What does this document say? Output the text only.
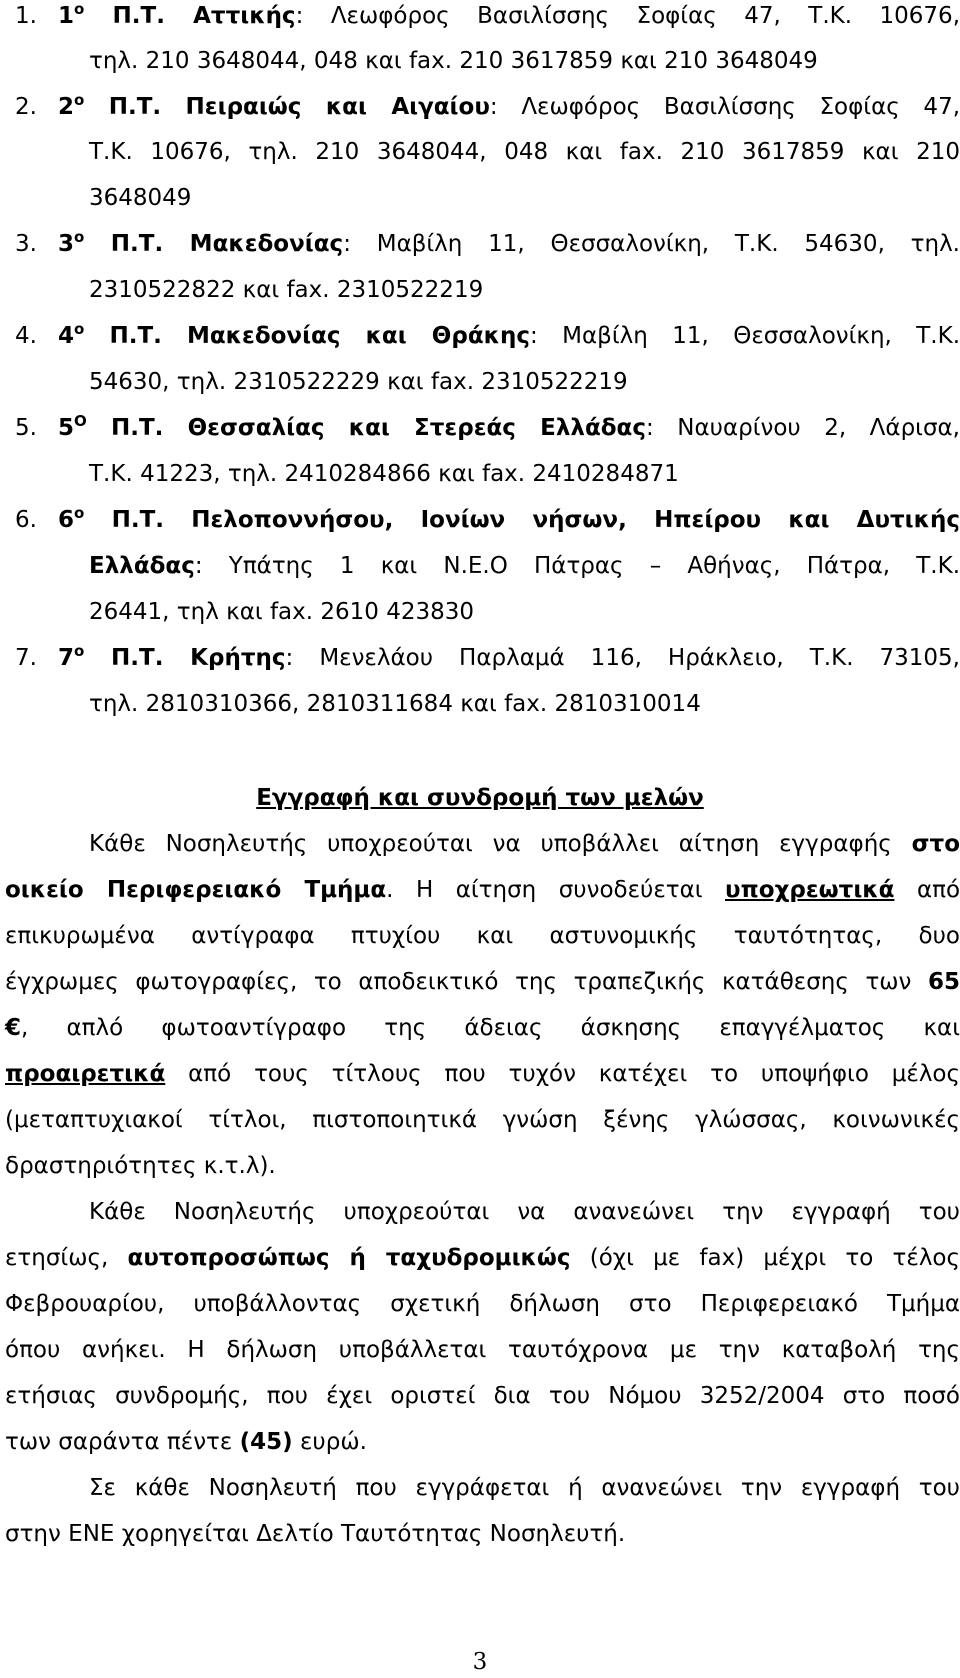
1. $1^o$ Π.Τ. Αττικής: Λεωφόρος Βασιλίσσης Σοφίας 47, Τ.Κ. 10676,
τηλ. 210 3648044, 048 και fax. 210 3617859 και 210 3648049
2. $2^o$ Π.Τ. Πειραιώς και Αιγαίου: Λεωφόρος Βασιλίσσης Σοφίας 47,
Τ.Κ. 10676, τηλ. 210 3648044, 048 και fax. 210 3617859 και 210
3648049
3. $3^o$ Π.Τ. Μακεδονίας: Μαβίλη 11, Θεσσαλονίκη, Τ.Κ. 54630, τηλ.
2310522822 και fax. 2310522219
4. $4^o$ Π.Τ. Μακεδονίας και Θράκης: Μαβίλη 11, Θεσσαλονίκη, Τ.Κ.
54630, τηλ. 2310522229 και fax. 2310522219
5. $5^O$ Π.Τ. Θεσσαλίας και Στερεάς Ελλάδας: Ναυαρίνου 2, Λάρισα,
Τ.Κ. 41223, τηλ. 2410284866 και fax. 2410284871
6. $6^o$ Π.Τ. Πελοποννήσου, Ιονίων νήσων, Ηπείρου και Δυτικής
Ελλάδας: Υπάτης 1 και Ν.Ε.Ο Πάτρας – Αθήνας, Πάτρα, Τ.Κ.
26441, τηλ και fax. 2610 423830
7. $7^o$ Π.Τ. Κρήτης: Μενελάου Παρλαμά 116, Ηράκλειο, Τ.Κ. 73105,
τηλ. 2810310366, 2810311684 και fax. 2810310014
Εγγραφή και συνδρομή των μελών
Κάθε Νοσηλευτής υποχρεούται να υποβάλλει αίτηση εγγραφής στο
οικείο Περιφερειακό Τμήμα. Η αίτηση συνοδεύεται υποχρεωτικά από
επικυρωμένα αντίγραφα πτυχίου και αστυνομικής ταυτότητας, δυο
έγχρωμες φωτογραφίες, το αποδεικτικό της τραπεζικής κατάθεσης των 65
€, απλό φωτοαντίγραφο της άδειας άσκησης επαγγέλματος και
προαιρετικά από τους τίτλους που τυχόν κατέχει το υποψήφιο μέλος
(μεταπτυχιακοί τίτλοι, πιστοποιητικά γνώση ξένης γλώσσας, κοινωνικές
δραστηριότητες κ.τ.λ).
Κάθε Νοσηλευτής υποχρεούται να ανανεώνει την εγγραφή του
ετησίως, αυτοπροσώπως ή ταχυδρομικώς (όχι με fax) μέχρι το τέλος
Φεβρουαρίου, υποβάλλοντας σχετική δήλωση στο Περιφερειακό Τμήμα
όπου ανήκει. Η δήλωση υποβάλλεται ταυτόχρονα με την καταβολή της
ετήσιας συνδρομής, που έχει οριστεί δια του Νόμου 3252/2004 στο ποσό
των σαράντα πέντε (45) ευρώ.
Σε κάθε Νοσηλευτή που εγγράφεται ή ανανεώνει την εγγραφή του
στην ΕΝΕ χορηγείται Δελτίο Ταυτότητας Νοσηλευτή.
3
